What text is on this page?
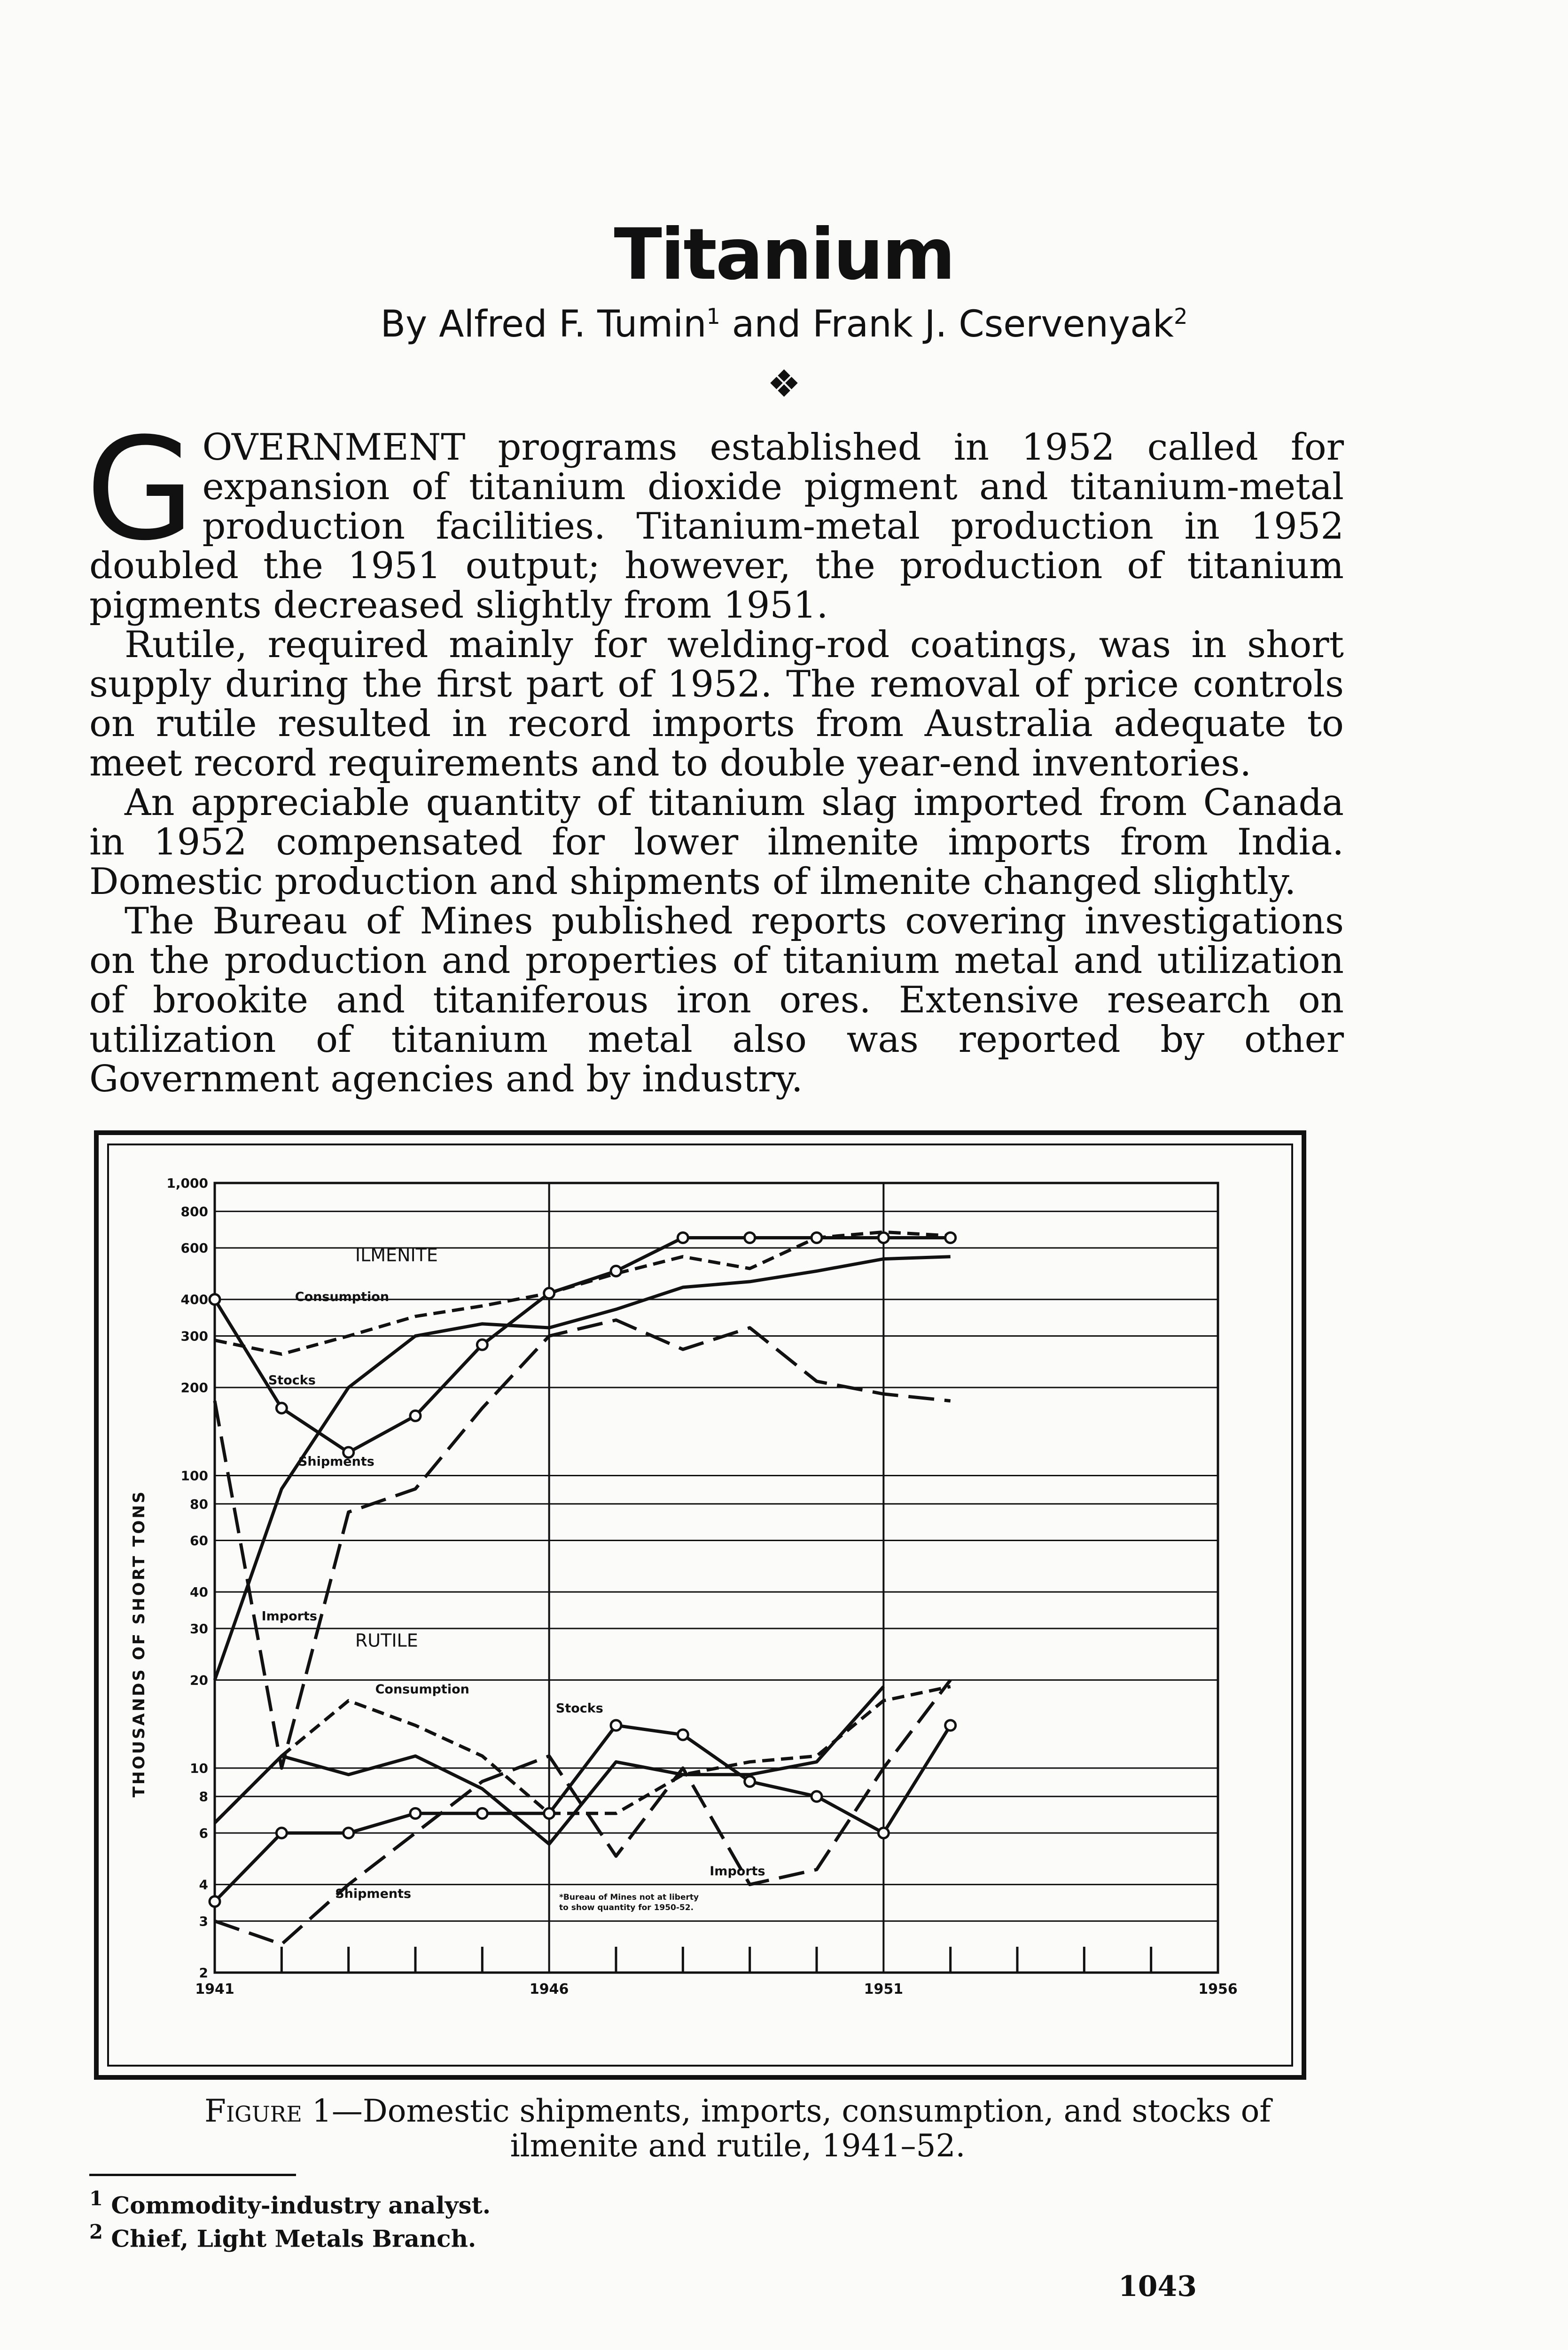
Titanium
By Alfred F. Tumin$^1$ and Frank J. Cservenyak$^2$
❖

GOVERNMENT programs established in 1952 called for expansion of titanium dioxide pigment and titanium-metal production facilities. Titanium-metal production in 1952 doubled the 1951 output; however, the production of titanium pigments decreased slightly from 1951.

Rutile, required mainly for welding-rod coatings, was in short supply during the first part of 1952. The removal of price controls on rutile resulted in record imports from Australia adequate to meet record requirements and to double year-end inventories.

An appreciable quantity of titanium slag imported from Canada in 1952 compensated for lower ilmenite imports from India. Domestic production and shipments of ilmenite changed slightly.

The Bureau of Mines published reports covering investigations on the production and properties of titanium metal and utilization of brookite and titaniferous iron ores. Extensive research on utilization of titanium metal also was reported by other Government agencies and by industry.

2
3
4
6
8
10
20
30
40
60
80
100
200
300
400
600
800
1,000
1941	1946	1951	1956
THOUSANDS OF SHORT TONS
ILMENITE
RUTILE
Consumption
Stocks
Shipments
Imports
Consumption
Stocks
Shipments
Imports
*Bureau of Mines not at liberty
to show quantity for 1950-52.
Figure 1—Domestic shipments, imports, consumption, and stocks of ilmenite and rutile, 1941–52.
$^1$ Commodity-industry analyst.
$^2$ Chief, Light Metals Branch.
1043
